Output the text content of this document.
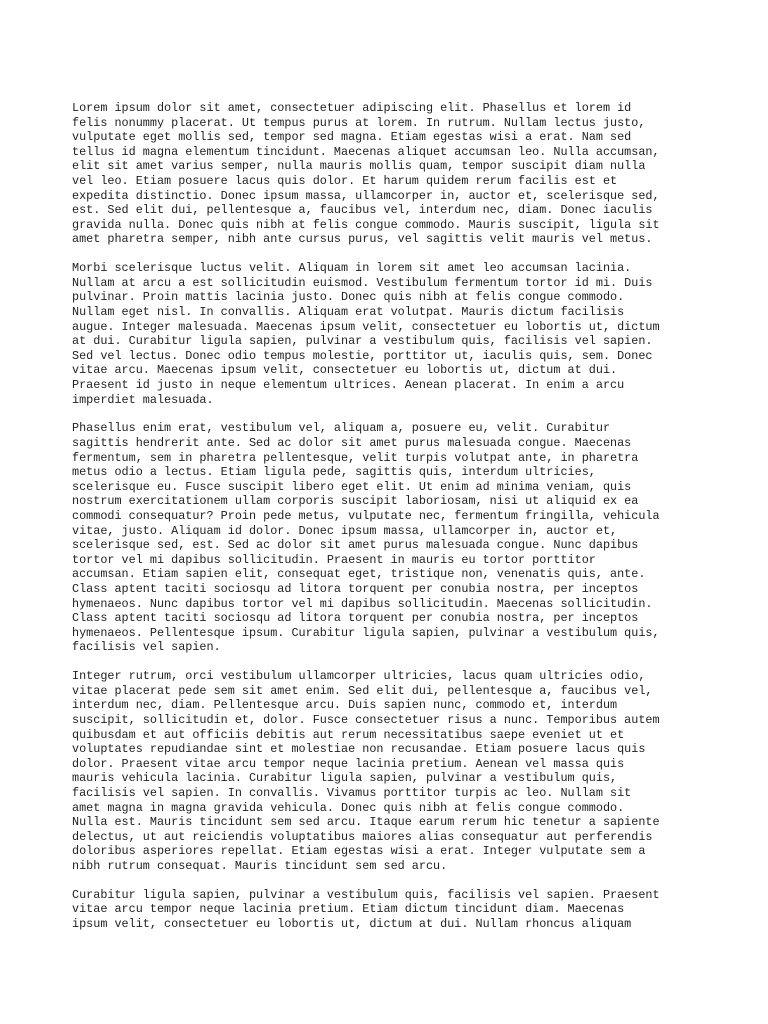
Lorem ipsum dolor sit amet, consectetuer adipiscing elit. Phasellus et lorem id
felis nonummy placerat. Ut tempus purus at lorem. In rutrum. Nullam lectus justo,
vulputate eget mollis sed, tempor sed magna. Etiam egestas wisi a erat. Nam sed
tellus id magna elementum tincidunt. Maecenas aliquet accumsan leo. Nulla accumsan,
elit sit amet varius semper, nulla mauris mollis quam, tempor suscipit diam nulla
vel leo. Etiam posuere lacus quis dolor. Et harum quidem rerum facilis est et
expedita distinctio. Donec ipsum massa, ullamcorper in, auctor et, scelerisque sed,
est. Sed elit dui, pellentesque a, faucibus vel, interdum nec, diam. Donec iaculis
gravida nulla. Donec quis nibh at felis congue commodo. Mauris suscipit, ligula sit
amet pharetra semper, nibh ante cursus purus, vel sagittis velit mauris vel metus.

Morbi scelerisque luctus velit. Aliquam in lorem sit amet leo accumsan lacinia.
Nullam at arcu a est sollicitudin euismod. Vestibulum fermentum tortor id mi. Duis
pulvinar. Proin mattis lacinia justo. Donec quis nibh at felis congue commodo.
Nullam eget nisl. In convallis. Aliquam erat volutpat. Mauris dictum facilisis
augue. Integer malesuada. Maecenas ipsum velit, consectetuer eu lobortis ut, dictum
at dui. Curabitur ligula sapien, pulvinar a vestibulum quis, facilisis vel sapien.
Sed vel lectus. Donec odio tempus molestie, porttitor ut, iaculis quis, sem. Donec
vitae arcu. Maecenas ipsum velit, consectetuer eu lobortis ut, dictum at dui.
Praesent id justo in neque elementum ultrices. Aenean placerat. In enim a arcu
imperdiet malesuada.

Phasellus enim erat, vestibulum vel, aliquam a, posuere eu, velit. Curabitur
sagittis hendrerit ante. Sed ac dolor sit amet purus malesuada congue. Maecenas
fermentum, sem in pharetra pellentesque, velit turpis volutpat ante, in pharetra
metus odio a lectus. Etiam ligula pede, sagittis quis, interdum ultricies,
scelerisque eu. Fusce suscipit libero eget elit. Ut enim ad minima veniam, quis
nostrum exercitationem ullam corporis suscipit laboriosam, nisi ut aliquid ex ea
commodi consequatur? Proin pede metus, vulputate nec, fermentum fringilla, vehicula
vitae, justo. Aliquam id dolor. Donec ipsum massa, ullamcorper in, auctor et,
scelerisque sed, est. Sed ac dolor sit amet purus malesuada congue. Nunc dapibus
tortor vel mi dapibus sollicitudin. Praesent in mauris eu tortor porttitor
accumsan. Etiam sapien elit, consequat eget, tristique non, venenatis quis, ante.
Class aptent taciti sociosqu ad litora torquent per conubia nostra, per inceptos
hymenaeos. Nunc dapibus tortor vel mi dapibus sollicitudin. Maecenas sollicitudin.
Class aptent taciti sociosqu ad litora torquent per conubia nostra, per inceptos
hymenaeos. Pellentesque ipsum. Curabitur ligula sapien, pulvinar a vestibulum quis,
facilisis vel sapien.

Integer rutrum, orci vestibulum ullamcorper ultricies, lacus quam ultricies odio,
vitae placerat pede sem sit amet enim. Sed elit dui, pellentesque a, faucibus vel,
interdum nec, diam. Pellentesque arcu. Duis sapien nunc, commodo et, interdum
suscipit, sollicitudin et, dolor. Fusce consectetuer risus a nunc. Temporibus autem
quibusdam et aut officiis debitis aut rerum necessitatibus saepe eveniet ut et
voluptates repudiandae sint et molestiae non recusandae. Etiam posuere lacus quis
dolor. Praesent vitae arcu tempor neque lacinia pretium. Aenean vel massa quis
mauris vehicula lacinia. Curabitur ligula sapien, pulvinar a vestibulum quis,
facilisis vel sapien. In convallis. Vivamus porttitor turpis ac leo. Nullam sit
amet magna in magna gravida vehicula. Donec quis nibh at felis congue commodo.
Nulla est. Mauris tincidunt sem sed arcu. Itaque earum rerum hic tenetur a sapiente
delectus, ut aut reiciendis voluptatibus maiores alias consequatur aut perferendis
doloribus asperiores repellat. Etiam egestas wisi a erat. Integer vulputate sem a
nibh rutrum consequat. Mauris tincidunt sem sed arcu.

Curabitur ligula sapien, pulvinar a vestibulum quis, facilisis vel sapien. Praesent
vitae arcu tempor neque lacinia pretium. Etiam dictum tincidunt diam. Maecenas
ipsum velit, consectetuer eu lobortis ut, dictum at dui. Nullam rhoncus aliquam
